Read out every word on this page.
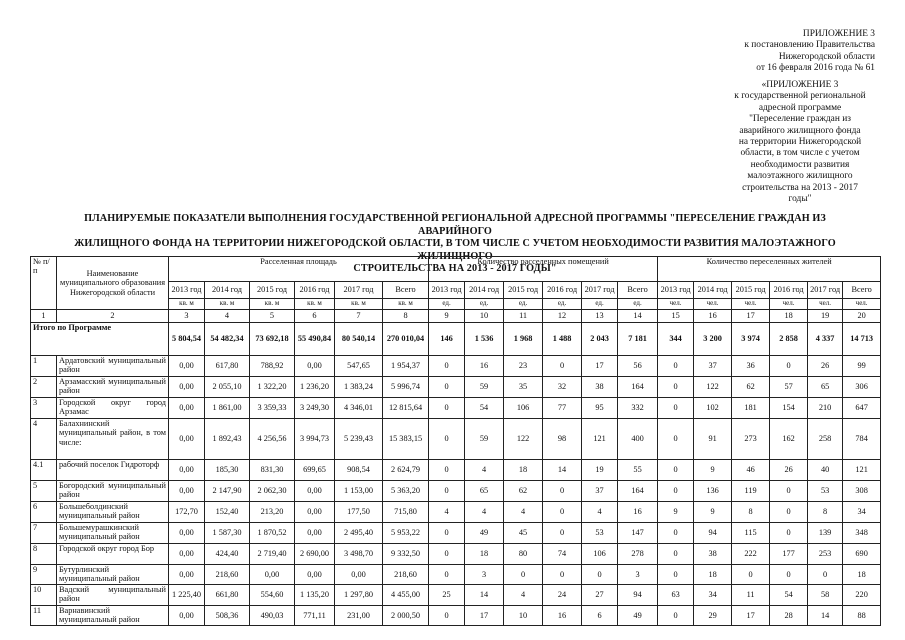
ПРИЛОЖЕНИЕ 3
к постановлению Правительства
Нижегородской области
от 16 февраля 2016 года № 61
«ПРИЛОЖЕНИЕ 3
к государственной региональной
адресной программе
"Переселение граждан из
аварийного жилищного фонда
на территории Нижегородской
области, в том числе с учетом
необходимости развития
малоэтажного жилищного
строительства на 2013 - 2017
годы"
ПЛАНИРУЕМЫЕ ПОКАЗАТЕЛИ ВЫПОЛНЕНИЯ ГОСУДАРСТВЕННОЙ РЕГИОНАЛЬНОЙ АДРЕСНОЙ ПРОГРАММЫ "ПЕРЕСЕЛЕНИЕ ГРАЖДАН ИЗ АВАРИЙНОГО
ЖИЛИЩНОГО ФОНДА НА ТЕРРИТОРИИ НИЖЕГОРОДСКОЙ ОБЛАСТИ, В ТОМ ЧИСЛЕ С УЧЕТОМ НЕОБХОДИМОСТИ РАЗВИТИЯ МАЛОЭТАЖНОГО ЖИЛИЩНОГО
СТРОИТЕЛЬСТВА НА 2013 - 2017 ГОДЫ"
№ п/п	Наименование муниципального образования Нижегородской области	Расселенная площадь						Количество расселенных помещений						Количество переселенных жителей					
		2013 год	2014 год	2015 год	2016 год	2017 год	Всего	2013 год	2014 год	2015 год	2016 год	2017 год	Всего	2013 год	2014 год	2015 год	2016 год	2017 год	Всего
		кв. м	кв. м	кв. м	кв. м	кв. м	кв. м	ед.	ед.	ед.	ед.	ед.	ед.	чел.	чел.	чел.	чел.	чел.	чел.
1	2	3	4	5	6	7	8	9	10	11	12	13	14	15	16	17	18	19	20
Итого по Программе		5 804,54	54 482,34	73 692,18	55 490,84	80 540,14	270 010,04	146	1 536	1 968	1 488	2 043	7 181	344	3 200	3 974	2 858	4 337	14 713
1	Ардатовский муниципальный район	0,00	617,80	788,92	0,00	547,65	1 954,37	0	16	23	0	17	56	0	37	36	0	26	99
2	Арзамасский муниципальный район	0,00	2 055,10	1 322,20	1 236,20	1 383,24	5 996,74	0	59	35	32	38	164	0	122	62	57	65	306
3	Городской округ город Арзамас	0,00	1 861,00	3 359,33	3 249,30	4 346,01	12 815,64	0	54	106	77	95	332	0	102	181	154	210	647
4	Балахнинский муниципальный район, в том числе:	0,00	1 892,43	4 256,56	3 994,73	5 239,43	15 383,15	0	59	122	98	121	400	0	91	273	162	258	784
4.1	рабочий поселок Гидроторф	0,00	185,30	831,30	699,65	908,54	2 624,79	0	4	18	14	19	55	0	9	46	26	40	121
5	Богородский муниципальный район	0,00	2 147,90	2 062,30	0,00	1 153,00	5 363,20	0	65	62	0	37	164	0	136	119	0	53	308
6	Большеболдинский муниципальный район	172,70	152,40	213,20	0,00	177,50	715,80	4	4	4	0	4	16	9	9	8	0	8	34
7	Большемурашкинский муниципальный район	0,00	1 587,30	1 870,52	0,00	2 495,40	5 953,22	0	49	45	0	53	147	0	94	115	0	139	348
8	Городской округ город Бор	0,00	424,40	2 719,40	2 690,00	3 498,70	9 332,50	0	18	80	74	106	278	0	38	222	177	253	690
9	Бутурлинский муниципальный район	0,00	218,60	0,00	0,00	0,00	218,60	0	3	0	0	0	3	0	18	0	0	0	18
10	Вадский муниципальный район	1 225,40	661,80	554,60	1 135,20	1 297,80	4 455,00	25	14	4	24	27	94	63	34	11	54	58	220
11	Варнавинский муниципальный район	0,00	508,36	490,03	771,11	231,00	2 000,50	0	17	10	16	6	49	0	29	17	28	14	88
